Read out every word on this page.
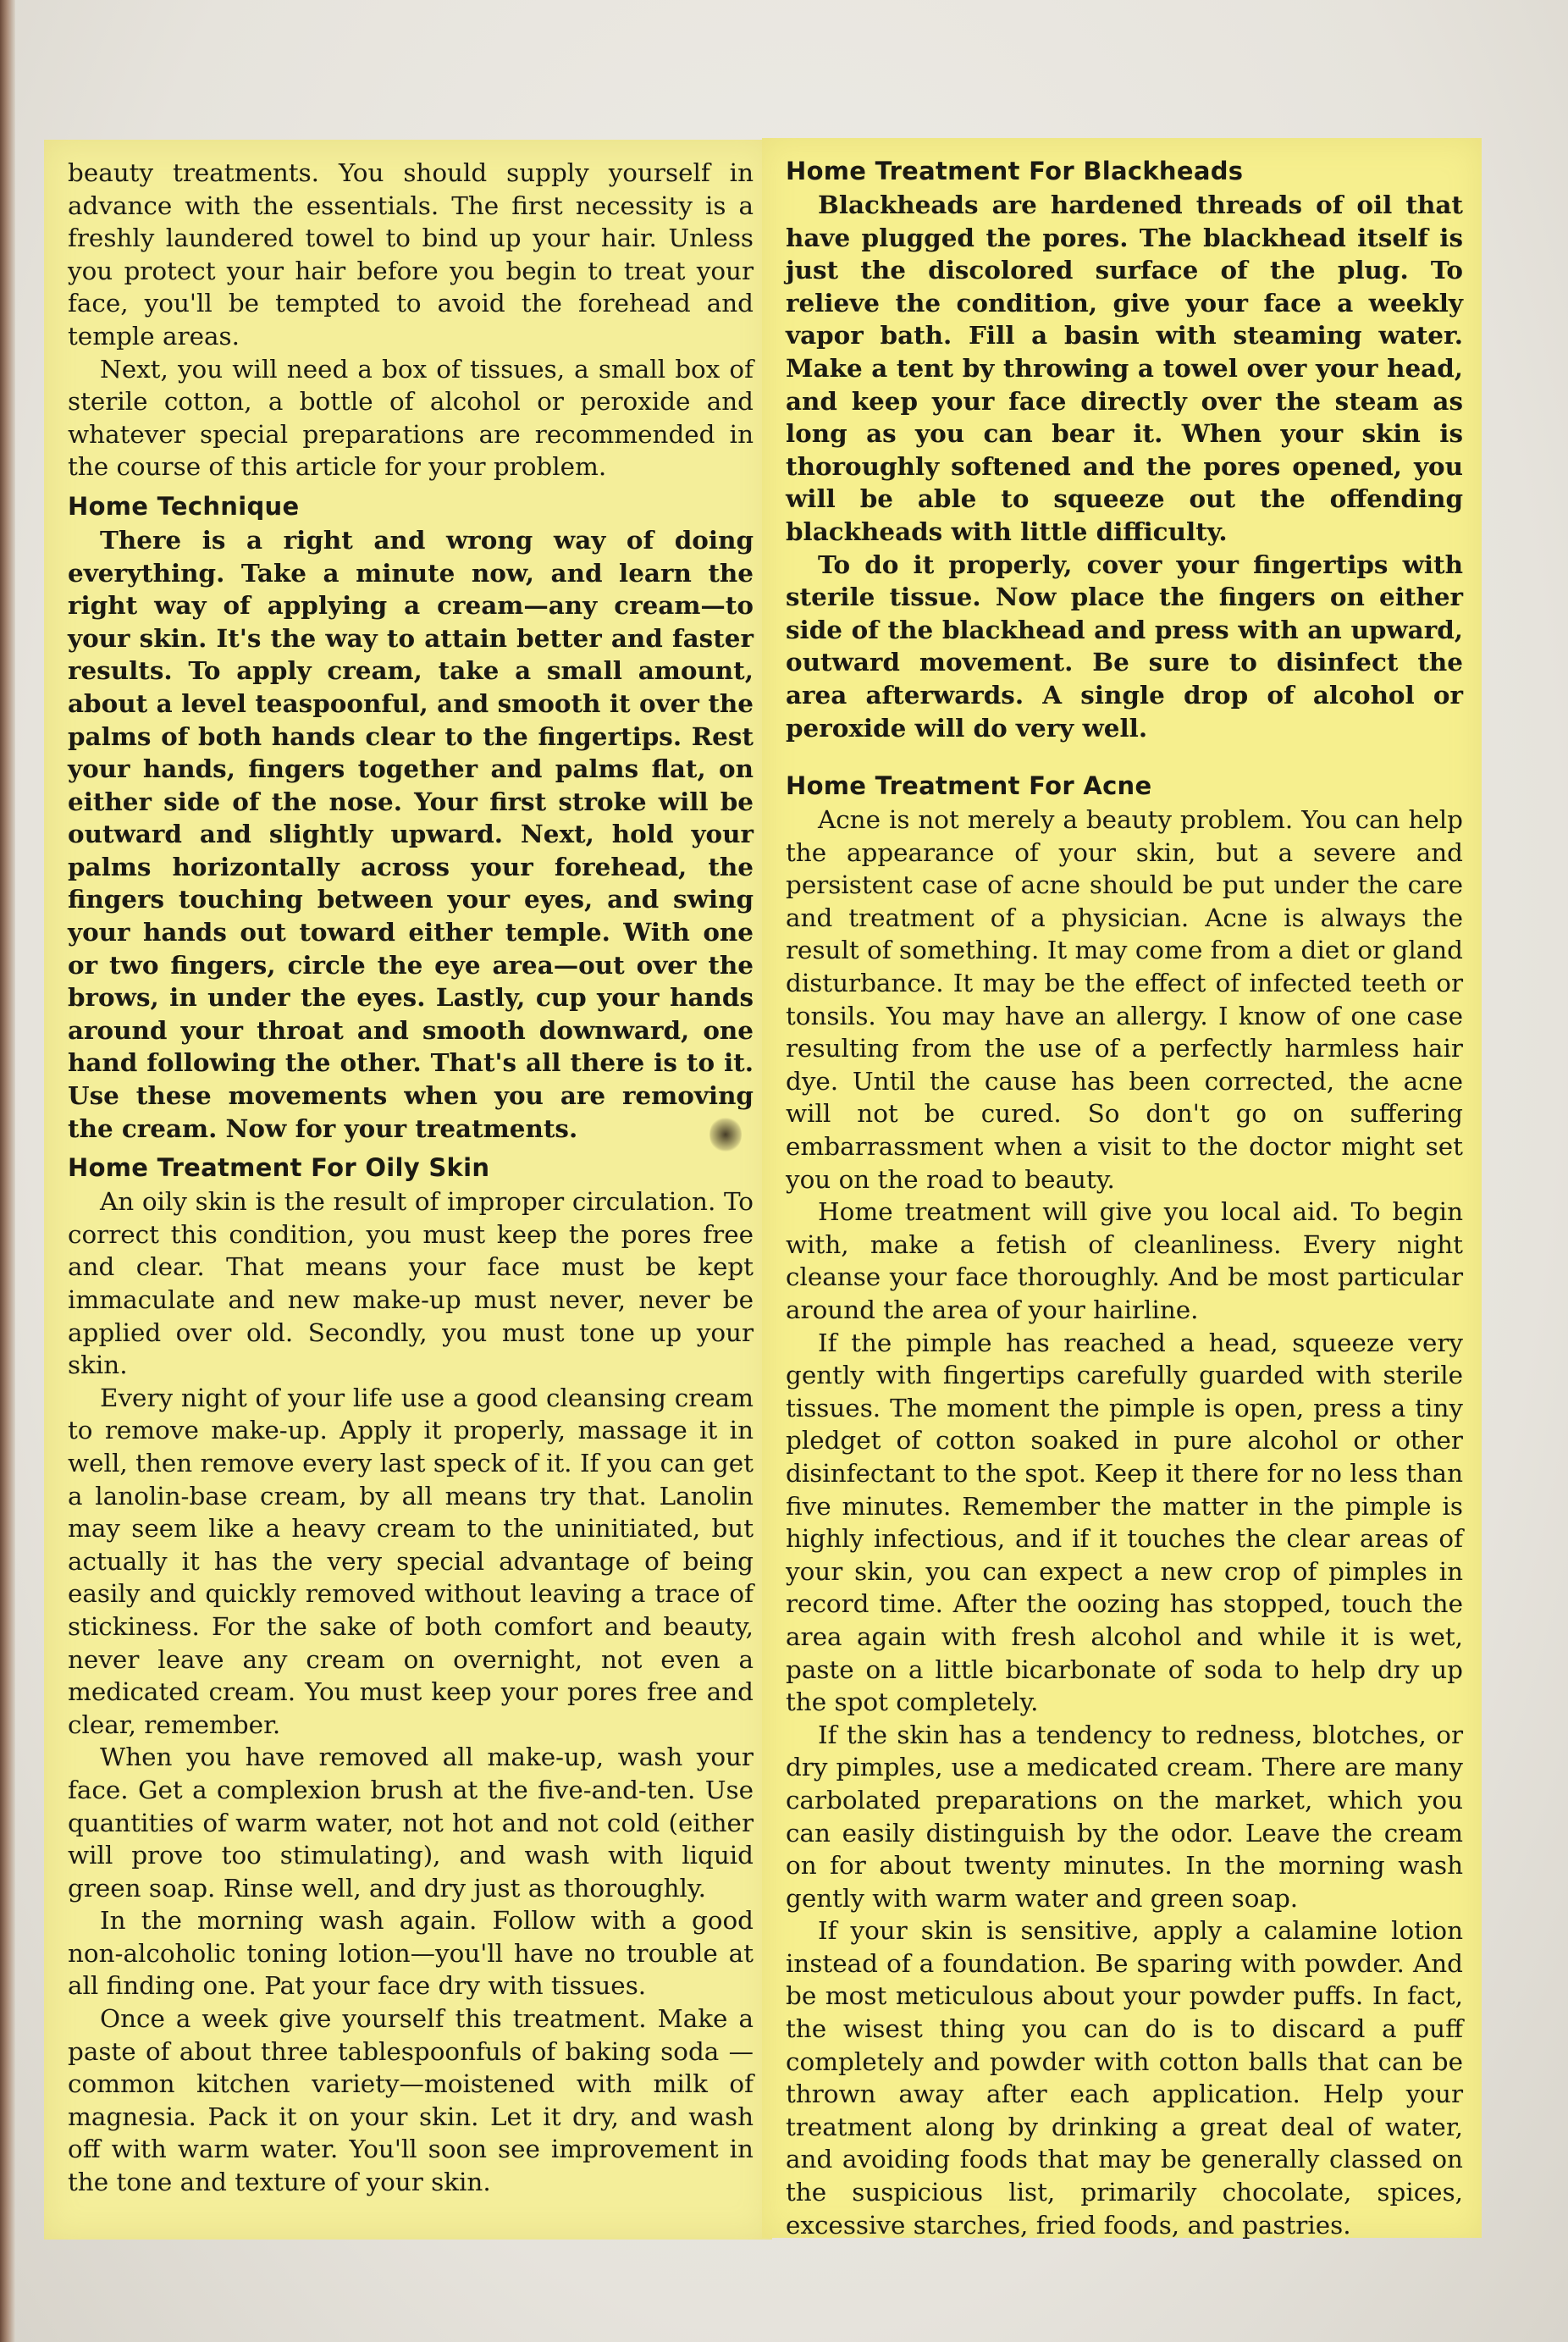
beauty treatments. You should supply yourself in advance with the essentials. The first necessity is a freshly laundered towel to bind up your hair. Unless you protect your hair before you begin to treat your face, you'll be tempted to avoid the forehead and temple areas.

Next, you will need a box of tissues, a small box of sterile cotton, a bottle of alcohol or peroxide and whatever special preparations are recommended in the course of this article for your problem.

Home Technique

There is a right and wrong way of doing everything. Take a minute now, and learn the right way of applying a cream—any cream—to your skin. It's the way to attain better and faster results. To apply cream, take a small amount, about a level teaspoonful, and smooth it over the palms of both hands clear to the fingertips. Rest your hands, fingers together and palms flat, on either side of the nose. Your first stroke will be outward and slightly upward. Next, hold your palms horizontally across your forehead, the fingers touching between your eyes, and swing your hands out toward either temple. With one or two fingers, circle the eye area—out over the brows, in under the eyes. Lastly, cup your hands around your throat and smooth downward, one hand following the other. That's all there is to it. Use these movements when you are removing the cream. Now for your treatments.

Home Treatment For Oily Skin

An oily skin is the result of improper circulation. To correct this condition, you must keep the pores free and clear. That means your face must be kept immaculate and new make-up must never, never be applied over old. Secondly, you must tone up your skin.

Every night of your life use a good cleansing cream to remove make-up. Apply it properly, massage it in well, then remove every last speck of it. If you can get a lanolin-base cream, by all means try that. Lanolin may seem like a heavy cream to the uninitiated, but actually it has the very special advantage of being easily and quickly removed without leaving a trace of stickiness. For the sake of both comfort and beauty, never leave any cream on overnight, not even a medicated cream. You must keep your pores free and clear, remember.

When you have removed all make-up, wash your face. Get a complexion brush at the five-and-ten. Use quantities of warm water, not hot and not cold (either will prove too stimulating), and wash with liquid green soap. Rinse well, and dry just as thoroughly.

In the morning wash again. Follow with a good non-alcoholic toning lotion—you'll have no trouble at all finding one. Pat your face dry with tissues.

Once a week give yourself this treatment. Make a paste of about three tablespoonfuls of baking soda —common kitchen variety—moistened with milk of magnesia. Pack it on your skin. Let it dry, and wash off with warm water. You'll soon see improvement in the tone and texture of your skin.

Home Treatment For Blackheads

Blackheads are hardened threads of oil that have plugged the pores. The blackhead itself is just the discolored surface of the plug. To relieve the condition, give your face a weekly vapor bath. Fill a basin with steaming water. Make a tent by throwing a towel over your head, and keep your face directly over the steam as long as you can bear it. When your skin is thoroughly softened and the pores opened, you will be able to squeeze out the offending blackheads with little difficulty.

To do it properly, cover your fingertips with sterile tissue. Now place the fingers on either side of the blackhead and press with an upward, outward movement. Be sure to disinfect the area afterwards. A single drop of alcohol or peroxide will do very well.

Home Treatment For Acne

Acne is not merely a beauty problem. You can help the appearance of your skin, but a severe and persistent case of acne should be put under the care and treatment of a physician. Acne is always the result of something. It may come from a diet or gland disturbance. It may be the effect of infected teeth or tonsils. You may have an allergy. I know of one case resulting from the use of a perfectly harmless hair dye. Until the cause has been corrected, the acne will not be cured. So don't go on suffering embarrassment when a visit to the doctor might set you on the road to beauty.

Home treatment will give you local aid. To begin with, make a fetish of cleanliness. Every night cleanse your face thoroughly. And be most particular around the area of your hairline.

If the pimple has reached a head, squeeze very gently with fingertips carefully guarded with sterile tissues. The moment the pimple is open, press a tiny pledget of cotton soaked in pure alcohol or other disinfectant to the spot. Keep it there for no less than five minutes. Remember the matter in the pimple is highly infectious, and if it touches the clear areas of your skin, you can expect a new crop of pimples in record time. After the oozing has stopped, touch the area again with fresh alcohol and while it is wet, paste on a little bicarbonate of soda to help dry up the spot completely.

If the skin has a tendency to redness, blotches, or dry pimples, use a medicated cream. There are many carbolated preparations on the market, which you can easily distinguish by the odor. Leave the cream on for about twenty minutes. In the morning wash gently with warm water and green soap.

If your skin is sensitive, apply a calamine lotion instead of a foundation. Be sparing with powder. And be most meticulous about your powder puffs. In fact, the wisest thing you can do is to discard a puff completely and powder with cotton balls that can be thrown away after each application. Help your treatment along by drinking a great deal of water, and avoiding foods that may be generally classed on the suspicious list, primarily chocolate, spices, excessive starches, fried foods, and pastries.
